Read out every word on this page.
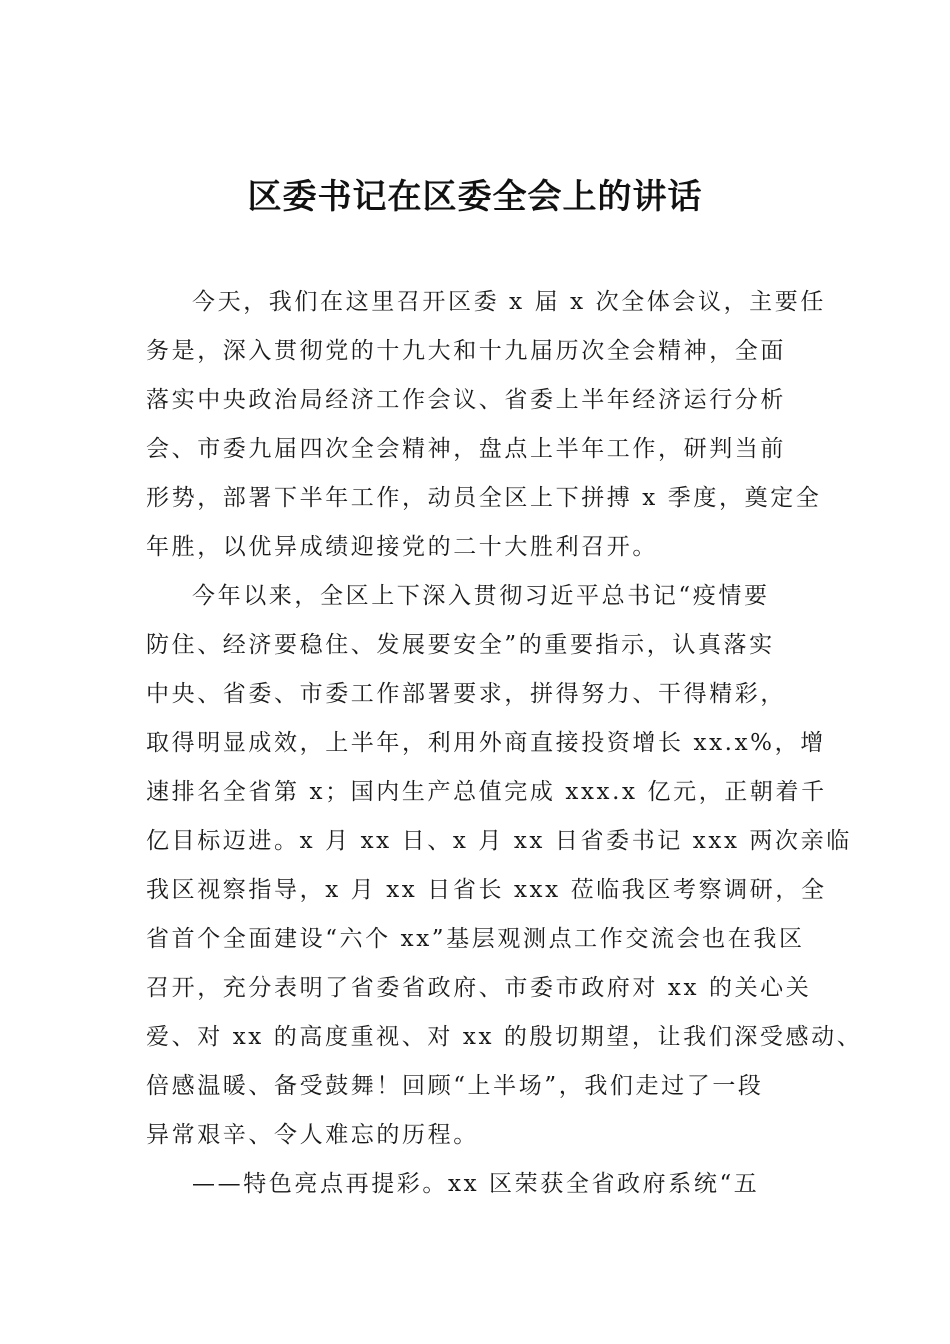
区委书记在区委全会上的讲话
今天，我们在这里召开区委 x 届 x 次全体会议，主要任
务是，深入贯彻党的十九大和十九届历次全会精神，全面
落实中央政治局经济工作会议、省委上半年经济运行分析
会、市委九届四次全会精神，盘点上半年工作，研判当前
形势，部署下半年工作，动员全区上下拼搏 x 季度，奠定全
年胜，以优异成绩迎接党的二十大胜利召开。
今年以来，全区上下深入贯彻习近平总书记“疫情要
防住、经济要稳住、发展要安全”的重要指示，认真落实
中央、省委、市委工作部署要求，拼得努力、干得精彩，
取得明显成效，上半年，利用外商直接投资增长 xx.x%，增
速排名全省第 x；国内生产总值完成 xxx.x 亿元，正朝着千
亿目标迈进。x 月 xx 日、x 月 xx 日省委书记 xxx 两次亲临
我区视察指导，x 月 xx 日省长 xxx 莅临我区考察调研，全
省首个全面建设“六个 xx”基层观测点工作交流会也在我区
召开，充分表明了省委省政府、市委市政府对 xx 的关心关
爱、对 xx 的高度重视、对 xx 的殷切期望，让我们深受感动、
倍感温暖、备受鼓舞！回顾“上半场”，我们走过了一段
异常艰辛、令人难忘的历程。
——特色亮点再提彩。xx 区荣获全省政府系统“五
